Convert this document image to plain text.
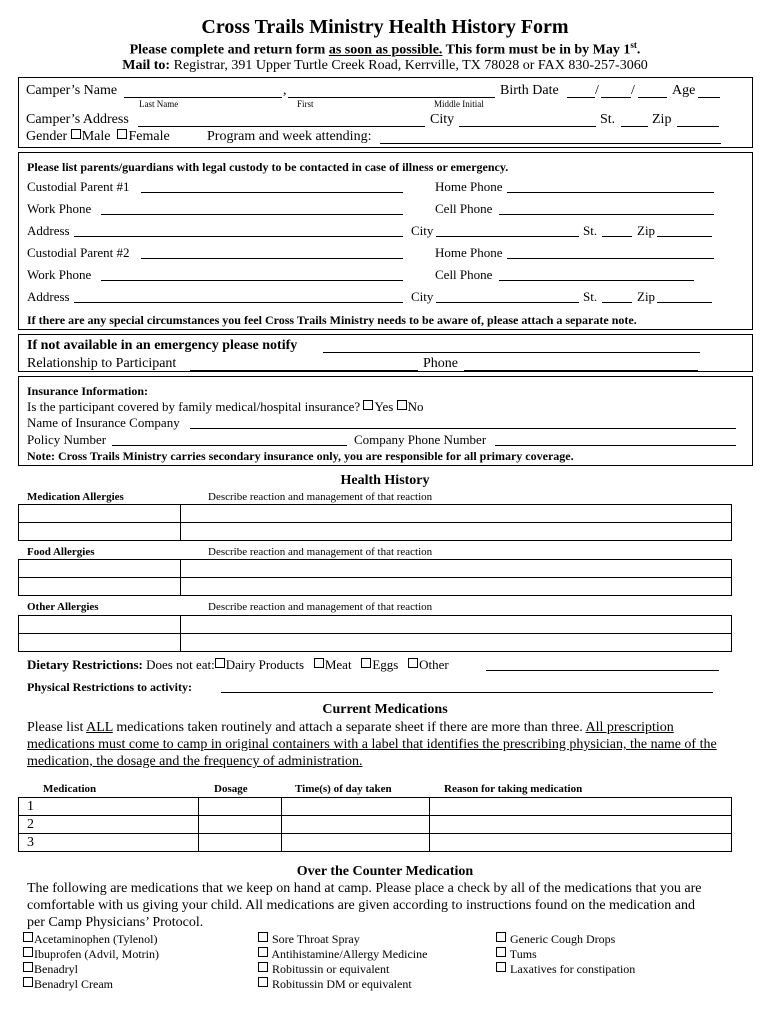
Cross Trails Ministry Health History Form
Please complete and return form as soon as possible. This form must be in by May 1st.
Mail to: Registrar, 391 Upper Turtle Creek Road, Kerrville, TX 78028 or FAX 830-257-3060
Camper’s Name	,	Birth Date	/ /	Age
Last Name	First	Middle Initial
Camper’s Address	City	St.	Zip
Gender Male Female	Program and week attending:
Please list parents/guardians with legal custody to be contacted in case of illness or emergency.
Custodial Parent #1	Home Phone
Work Phone	Cell Phone
Address	City	St.	Zip
Custodial Parent #2	Home Phone
Work Phone	Cell Phone
Address	City	St.	Zip
If there are any special circumstances you feel Cross Trails Ministry needs to be aware of, please attach a separate note.
If not available in an emergency please notify
Relationship to Participant	Phone
Insurance Information:
Is the participant covered by family medical/hospital insurance? Yes No
Name of Insurance Company
Policy Number	Company Phone Number
Note: Cross Trails Ministry carries secondary insurance only, you are responsible for all primary coverage.
Health History
Medication Allergies	Describe reaction and management of that reaction
Food Allergies	Describe reaction and management of that reaction
Other Allergies	Describe reaction and management of that reaction
Dietary Restrictions: Does not eat: Dairy Products Meat Eggs Other
Physical Restrictions to activity:
Current Medications
Please list ALL medications taken routinely and attach a separate sheet if there are more than three. All prescription
medications must come to camp in original containers with a label that identifies the prescribing physician, the name of the
medication, the dosage and the frequency of administration.
Medication	Dosage	Time(s) of day taken	Reason for taking medication
1
2
3
Over the Counter Medication
The following are medications that we keep on hand at camp. Please place a check by all of the medications that you are
comfortable with us giving your child. All medications are given according to instructions found on the medication and
per Camp Physicians’ Protocol.
Acetaminophen (Tylenol)
Ibuprofen (Advil, Motrin)
Benadryl
Benadryl Cream
Sore Throat Spray
Antihistamine/Allergy Medicine
Robitussin or equivalent
Robitussin DM or equivalent
Generic Cough Drops
Tums
Laxatives for constipation
